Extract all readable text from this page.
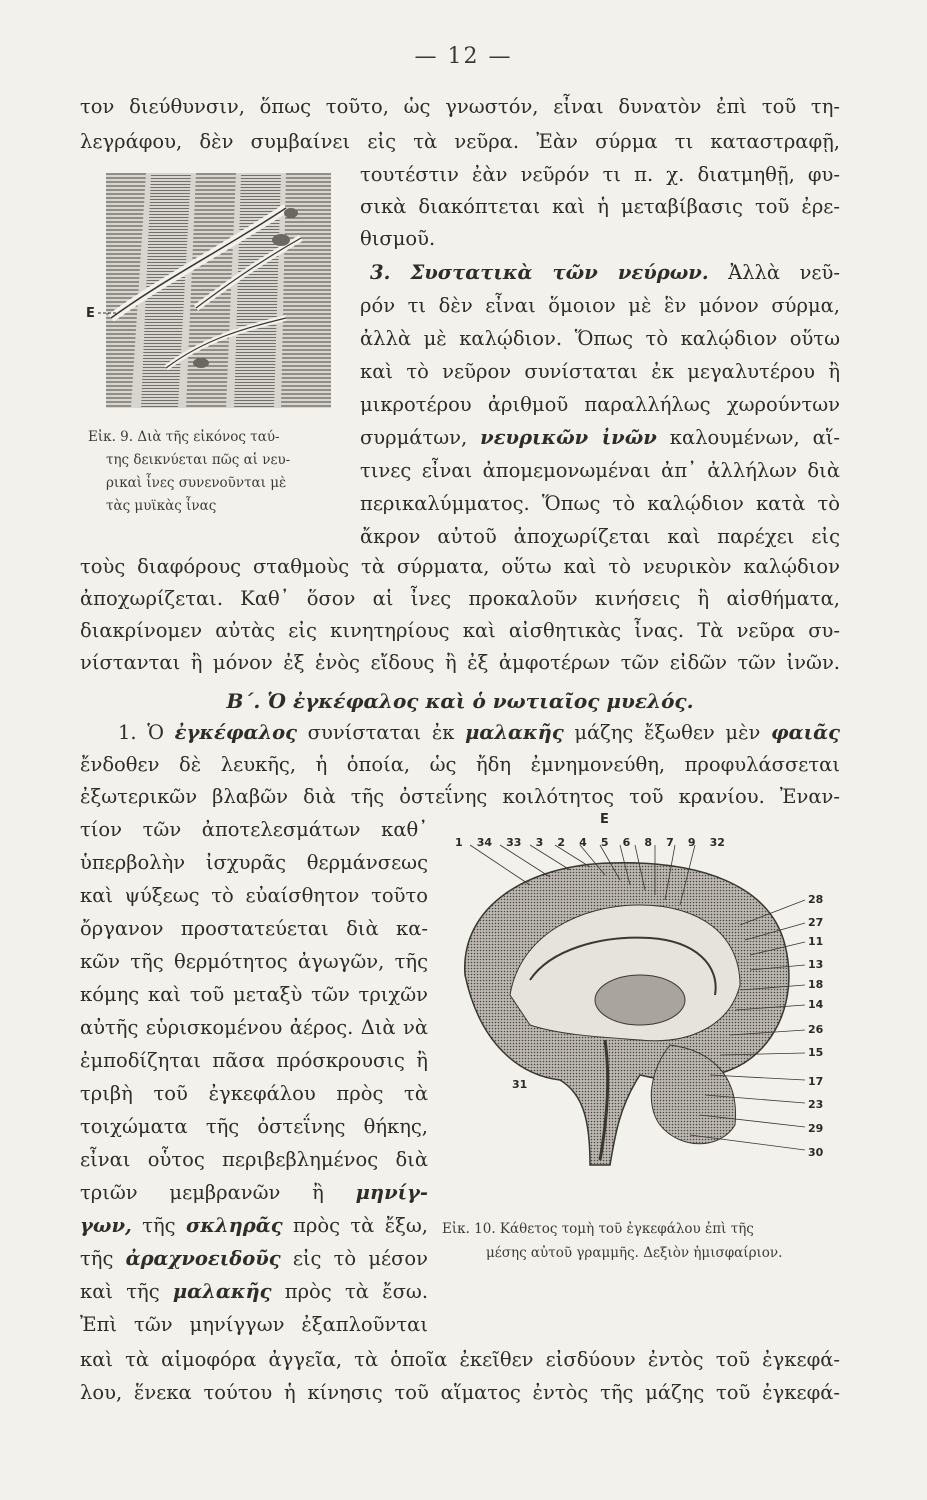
— 12 —
τον διεύθυνσιν, ὅπως τοῦτο, ὡς γνωστόν, εἶναι δυνατὸν ἐπὶ τοῦ τη-
λεγράφου, δὲν συμβαίνει εἰς τὰ νεῦρα. Ἐὰν σύρμα τι καταστραφῇ,
E
τουτέστιν ἐὰν νεῦρόν τι π. χ. διατμηθῇ, φυ-
σικὰ διακόπτεται καὶ ἡ μεταβίβασις τοῦ ἐρε-
θισμοῦ.
3. Συστατικὰ τῶν νεύρων. Ἀλλὰ νεῦ-
ρόν τι δὲν εἶναι ὅμοιον μὲ ἓν μόνον σύρμα,
ἀλλὰ μὲ καλῴδιον. Ὅπως τὸ καλῴδιον οὕτω
καὶ τὸ νεῦρον συνίσταται ἐκ μεγαλυτέρου ἢ
μικροτέρου ἀριθμοῦ παραλλήλως χωρούντων
συρμάτων, νευρικῶν ἰνῶν καλουμένων, αἵ-
τινες εἶναι ἀπομεμονωμέναι ἀπ᾽ ἀλλήλων διὰ
περικαλύμματος. Ὅπως τὸ καλῴδιον κατὰ τὸ
ἄκρον αὐτοῦ ἀποχωρίζεται καὶ παρέχει εἰς
Εἰκ. 9. Διὰ τῆς εἰκόνος ταύ-
της δεικνύεται πῶς αἱ νευ-
ρικαὶ ἶνες συνενοῦνται μὲ
τὰς μυϊκὰς ἶνας
τοὺς διαφόρους σταθμοὺς τὰ σύρματα, οὕτω καὶ τὸ νευρικὸν καλῴδιον
ἀποχωρίζεται. Καθ᾽ ὅσον αἱ ἶνες προκαλοῦν κινήσεις ἢ αἰσθήματα,
διακρίνομεν αὐτὰς εἰς κινητηρίους καὶ αἰσθητικὰς ἶνας. Τὰ νεῦρα συ-
νίστανται ἢ μόνον ἐξ ἑνὸς εἴδους ἢ ἐξ ἀμφοτέρων τῶν εἰδῶν τῶν ἰνῶν.
Β΄. Ὁ ἐγκέφαλος καὶ ὁ νωτιαῖος μυελός.
1. Ὁ ἐγκέφαλος συνίσταται ἐκ μαλακῆς μάζης ἔξωθεν μὲν φαιᾶς
ἔνδοθεν δὲ λευκῆς, ἡ ὁποία, ὡς ἤδη ἐμνημονεύθη, προφυλάσσεται
ἐξωτερικῶν βλαβῶν διὰ τῆς ὀστεΐνης κοιλότητος τοῦ κρανίου. Ἐναν-
τίον τῶν ἀποτελεσμάτων καθ᾽
ὑπερβολὴν ἰσχυρᾶς θερμάνσεως
καὶ ψύξεως τὸ εὐαίσθητον τοῦτο
ὄργανον προστατεύεται διὰ κα-
κῶν τῆς θερμότητος ἀγωγῶν, τῆς
κόμης καὶ τοῦ μεταξὺ τῶν τριχῶν
αὐτῆς εὑρισκομένου ἀέρος. Διὰ νὰ
ἐμποδίζηται πᾶσα πρόσκρουσις ἢ
τριβὴ τοῦ ἐγκεφάλου πρὸς τὰ
τοιχώματα τῆς ὀστεΐνης θήκης,
εἶναι οὗτος περιβεβλημένος διὰ
τριῶν μεμβρανῶν ἢ μηνίγ-
γων, τῆς σκληρᾶς πρὸς τὰ ἔξω,
τῆς ἀραχνοειδοῦς εἰς τὸ μέσον
καὶ τῆς μαλακῆς πρὸς τὰ ἔσω.
Ἐπὶ τῶν μηνίγγων ἐξαπλοῦνται
E
1 34 33 3 2 4 5 6 8 7 9 32
28
27
11
13
18
14
26
15
17
23
29
30
31
Εἰκ. 10. Κάθετος τομὴ τοῦ ἐγκεφάλου ἐπὶ τῆς
μέσης αὐτοῦ γραμμῆς. Δεξιὸν ἡμισφαίριον.
καὶ τὰ αἱμοφόρα ἀγγεῖα, τὰ ὁποῖα ἐκεῖθεν εἰσδύουν ἐντὸς τοῦ ἐγκεφά-
λου, ἕνεκα τούτου ἡ κίνησις τοῦ αἵματος ἐντὸς τῆς μάζης τοῦ ἐγκεφά-
